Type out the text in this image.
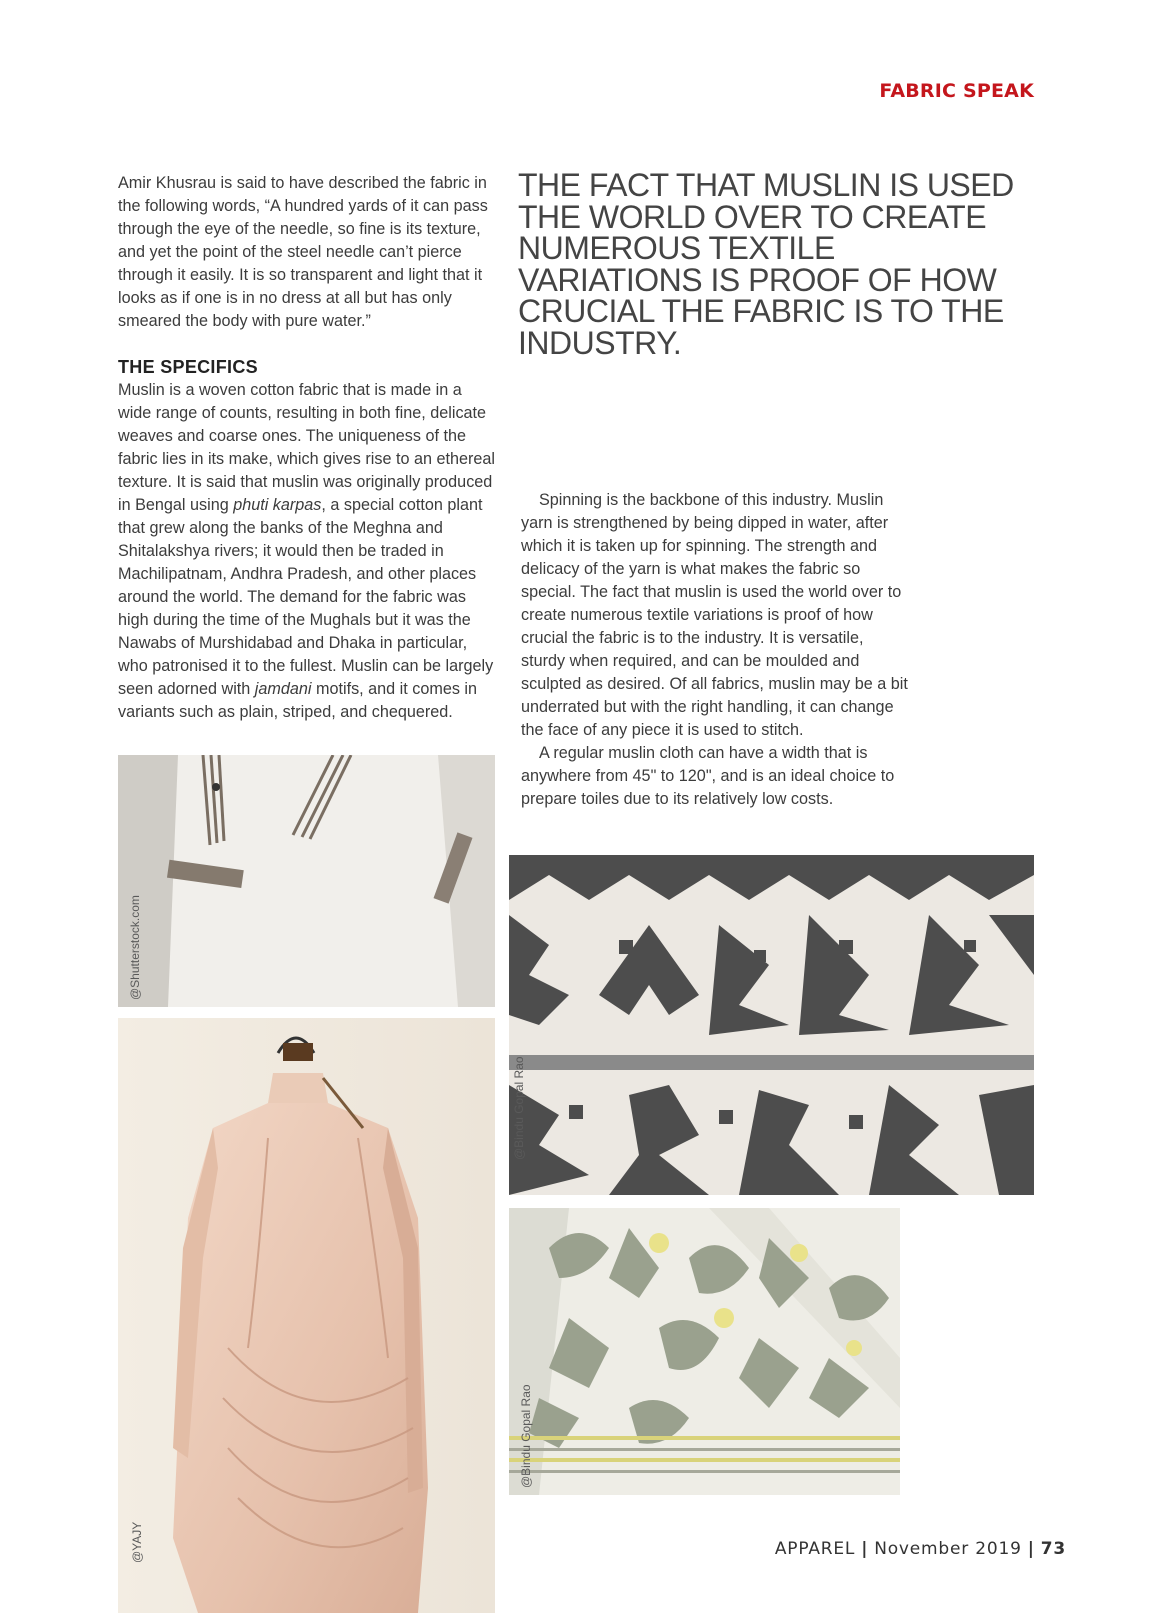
FABRIC SPEAK

Amir Khusrau is said to have described the fabric in the following words, “A hundred yards of it can pass through the eye of the needle, so fine is its texture, and yet the point of the steel needle can’t pierce through it easily. It is so transparent and light that it looks as if one is in no dress at all but has only smeared the body with pure water.”

THE SPECIFICS

Muslin is a woven cotton fabric that is made in a wide range of counts, resulting in both fine, delicate weaves and coarse ones. The uniqueness of the fabric lies in its make, which gives rise to an ethereal texture. It is said that muslin was originally produced in Bengal using phuti karpas, a special cotton plant that grew along the banks of the Meghna and Shitalakshya rivers; it would then be traded in Machilipatnam, Andhra Pradesh, and other places around the world. The demand for the fabric was high during the time of the Mughals but it was the Nawabs of Murshidabad and Dhaka in particular, who patronised it to the fullest. Muslin can be largely seen adorned with jamdani motifs, and it comes in variants such as plain, striped, and chequered.

THE FACT THAT MUSLIN IS USED THE WORLD OVER TO CREATE NUMEROUS TEXTILE VARIATIONS IS PROOF OF HOW CRUCIAL THE FABRIC IS TO THE INDUSTRY.

Spinning is the backbone of this industry. Muslin yarn is strengthened by being dipped in water, after which it is taken up for spinning. The strength and delicacy of the yarn is what makes the fabric so special. The fact that muslin is used the world over to create numerous textile variations is proof of how crucial the fabric is to the industry. It is versatile, sturdy when required, and can be moulded and sculpted as desired. Of all fabrics, muslin may be a bit underrated but with the right handling, it can change the face of any piece it is used to stitch.

A regular muslin cloth can have a width that is anywhere from 45" to 120", and is an ideal choice to prepare toiles due to its relatively low costs.

@Shutterstock.com
@YAJY
@Bindu Gopal Rao
@Bindu Gopal Rao
APPAREL | November 2019 | 73
